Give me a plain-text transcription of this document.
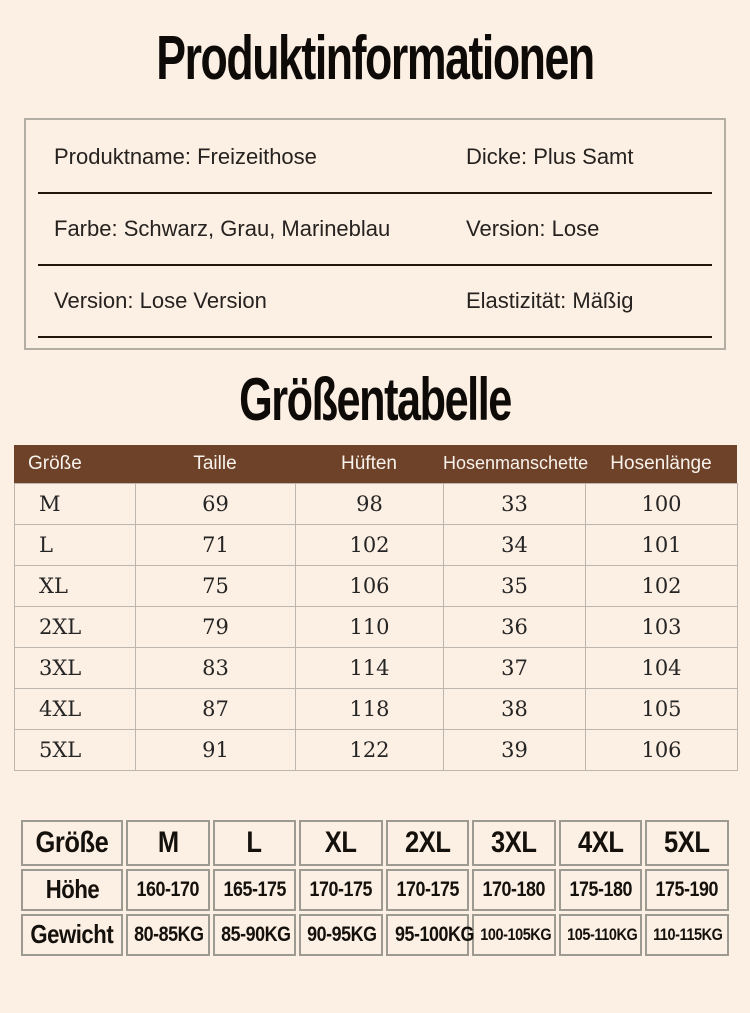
Produktinformationen
Produktname: Freizeithose	Dicke: Plus Samt
Farbe: Schwarz, Grau, Marineblau	Version: Lose
Version: Lose Version	Elastizität: Mäßig
Größentabelle
Größe	Taille	Hüften	Hosenmanschette	Hosenlänge
M	69	98	33	100
L	71	102	34	101
XL	75	106	35	102
2XL	79	110	36	103
3XL	83	114	37	104
4XL	87	118	38	105
5XL	91	122	39	106
Größe	M	L	XL	2XL	3XL	4XL	5XL
Höhe	160-170	165-175	170-175	170-175	170-180	175-180	175-190
Gewicht	80-85KG	85-90KG	90-95KG	95-100KG	100-105KG	105-110KG	110-115KG
